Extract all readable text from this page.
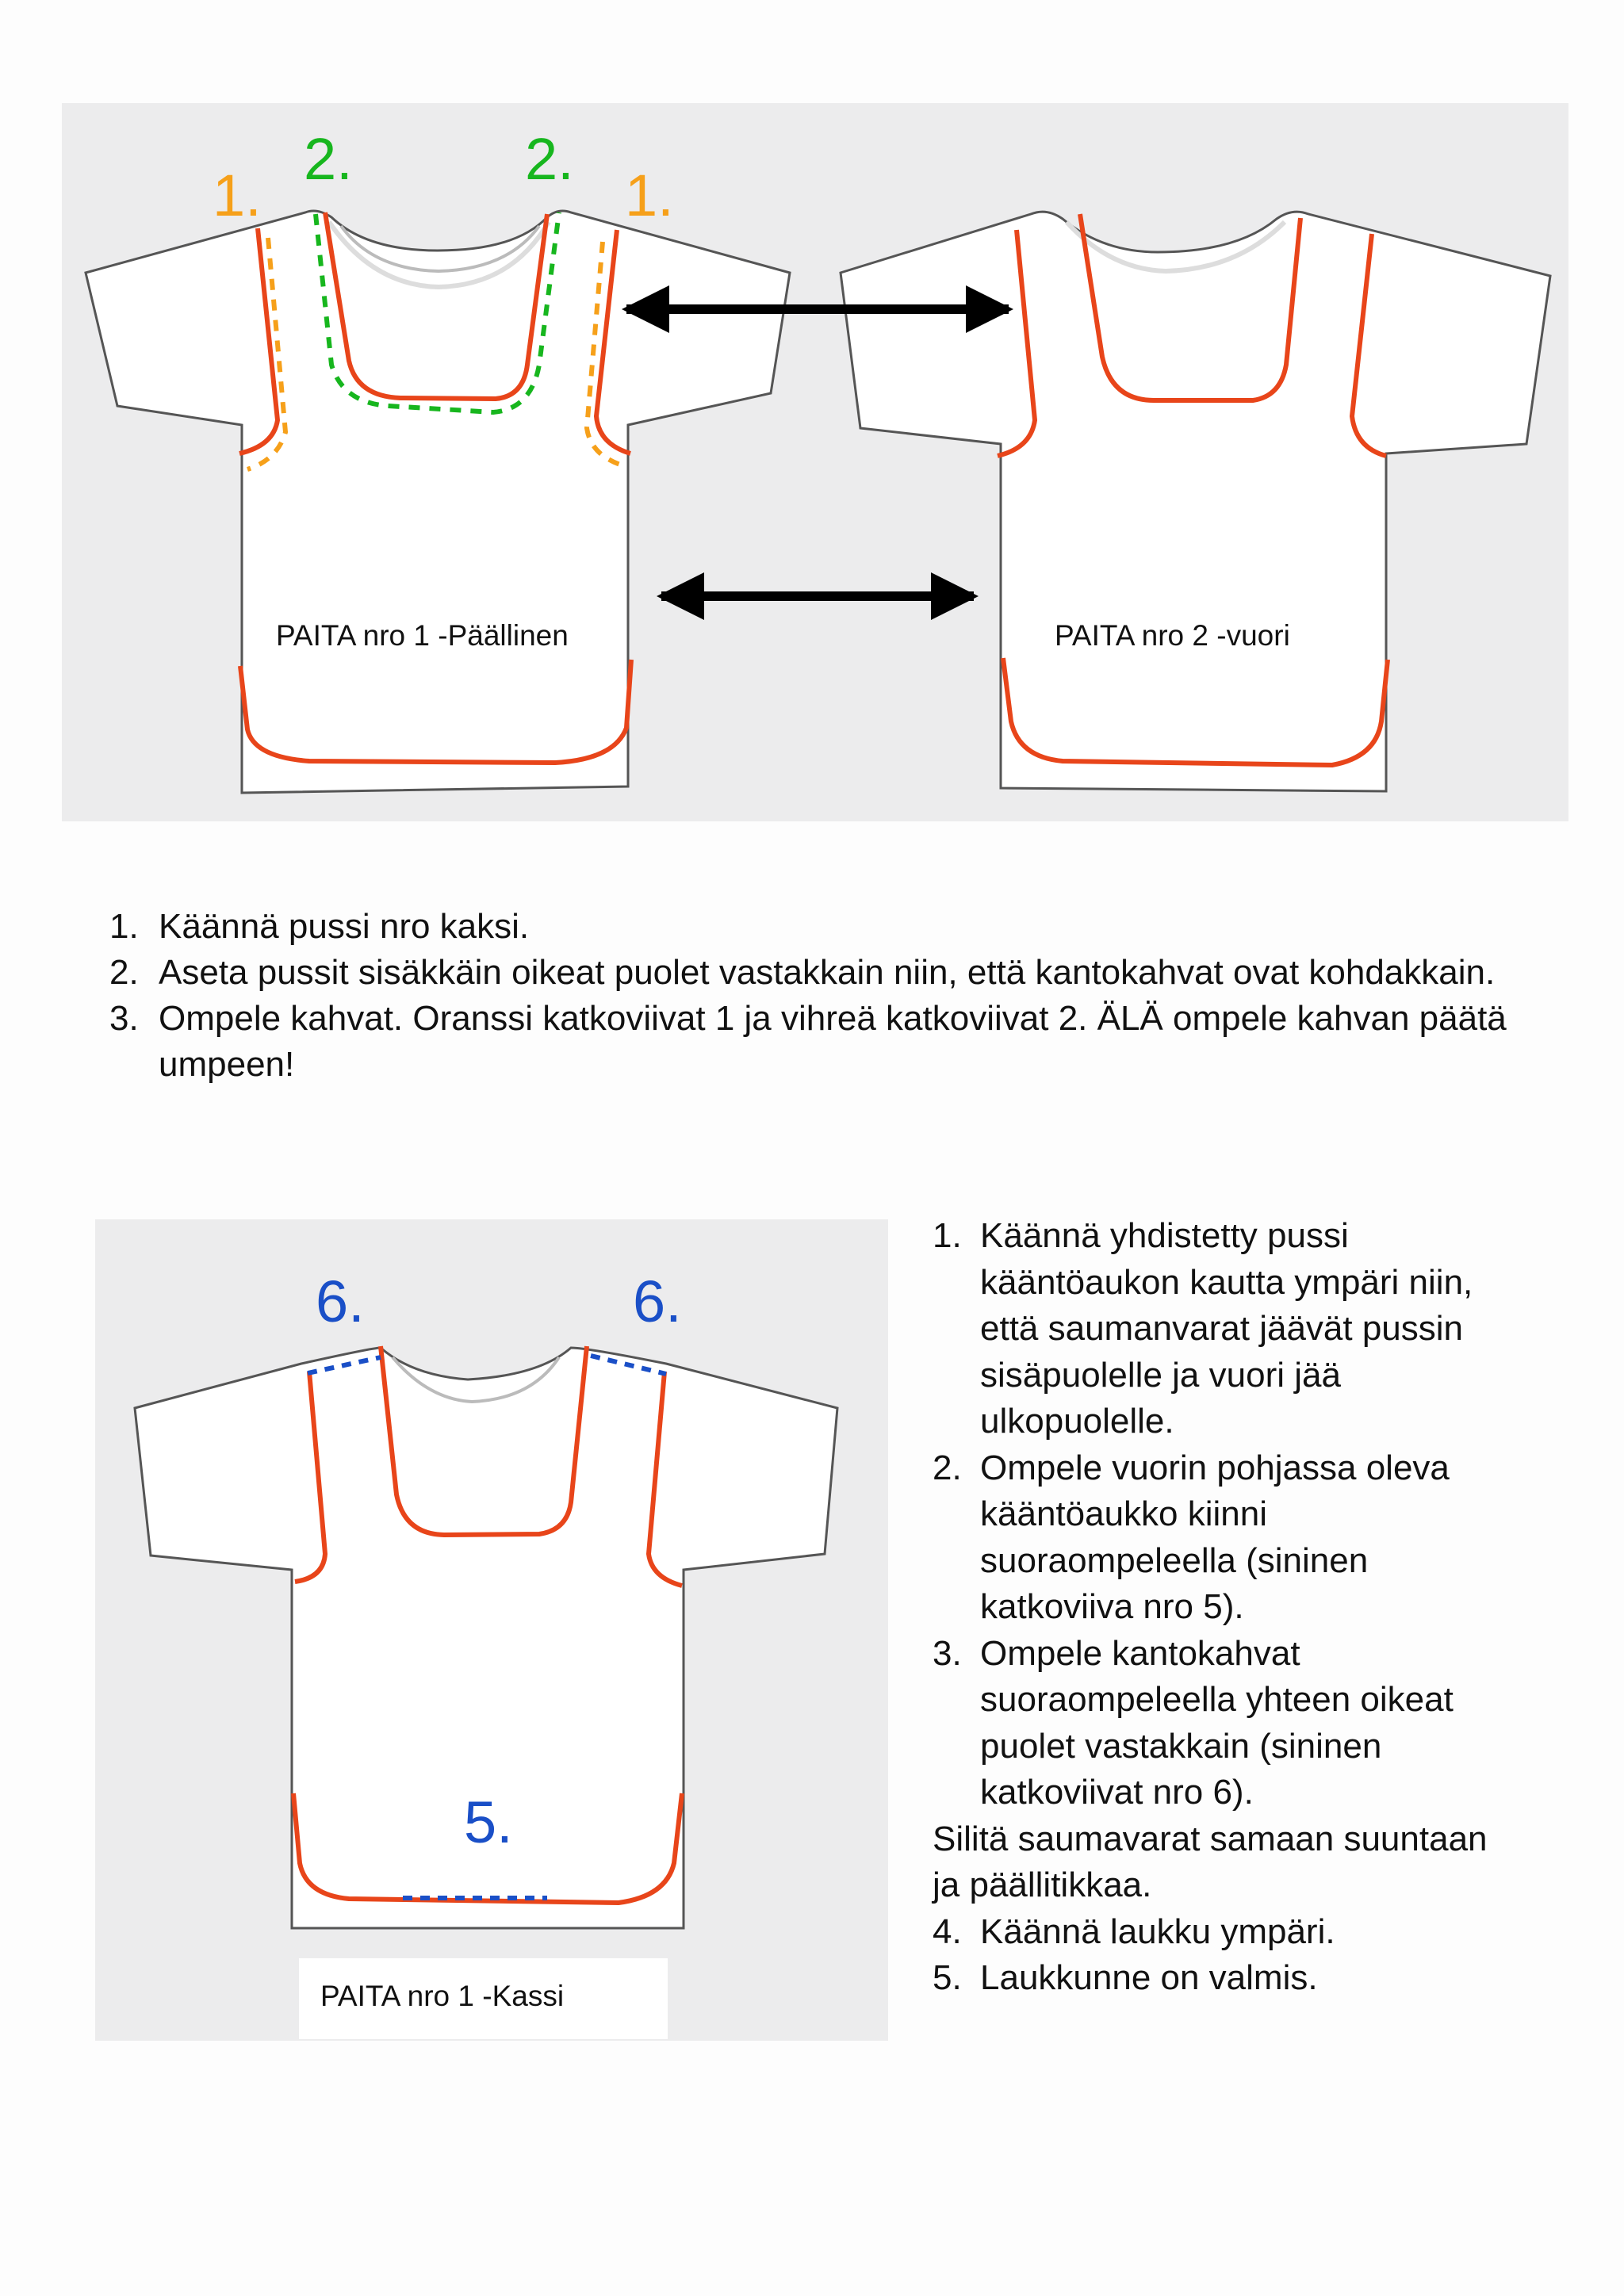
PAITA nro 1 -Päällinen	PAITA nro 2 -vuori
1.	1.
2.	2.
1. Käännä pussi nro kaksi.
2. Aseta pussit sisäkkäin oikeat puolet vastakkain niin, että kantokahvat ovat kohdakkain.
3. Ompele kahvat. Oranssi katkoviivat 1 ja vihreä katkoviivat 2. ÄLÄ ompele kahvan päätä umpeen!
6.	6.
5.
PAITA nro 1 -Kassi
1. Käännä yhdistetty pussi kääntöaukon kautta ympäri niin, että saumanvarat jäävät pussin sisäpuolelle ja vuori jää ulkopuolelle.
2. Ompele vuorin pohjassa oleva kääntöaukko kiinni suoraompeleella (sininen katkoviiva nro 5).
3. Ompele kantokahvat suoraompeleella yhteen oikeat puolet vastakkain (sininen katkoviivat nro 6).
Silitä saumavarat samaan suuntaan ja päällitikkaa.
4. Käännä laukku ympäri.
5. Laukkunne on valmis.
